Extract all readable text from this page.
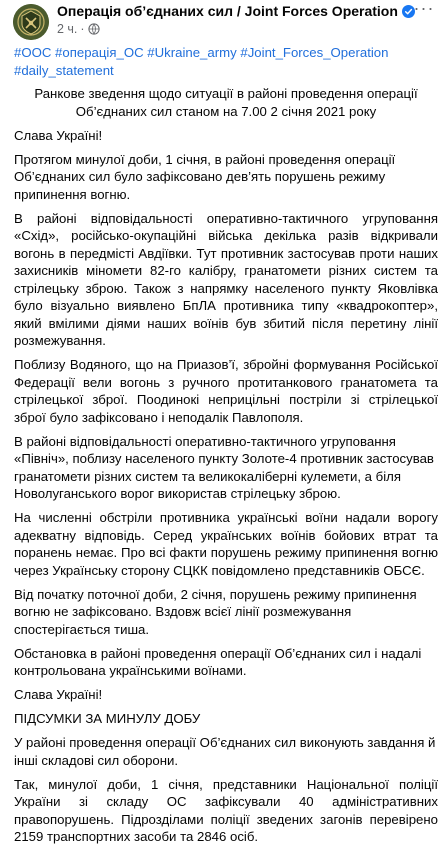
Операція об’єднаних сил / Joint Forces Operation
2 ч. ·
···

#ООС #операція_ОС #Ukraine_army #Joint_Forces_Operation #daily_statement

Ранкове зведення щодо ситуації в районі проведення операції Об’єднаних сил станом на 7.00 2 січня 2021 року

Слава Україні!

Протягом минулої доби, 1 січня, в районі проведення операції Об’єднаних сил було зафіксовано дев’ять порушень режиму припинення вогню.

В районі відповідальності оперативно-тактичного угруповання «Схід», російсько-окупаційні війська декілька разів відкривали вогонь в передмісті Авдіївки. Тут противник застосував проти наших захисників міномети 82-го калібру, гранатомети різних систем та стрілецьку зброю. Також з напрямку населеного пункту Яковлівка було візуально виявлено БпЛА противника типу «квадрокоптер», який вмілими діями наших воїнів був збитий після перетину лінії розмежування.

Поблизу Водяного, що на Приазов’ї, збройні формування Російської Федерації вели вогонь з ручного протитанкового гранатомета та стрілецької зброї. Поодинокі неприцільні постріли зі стрілецької зброї було зафіксовано і неподалік Павлополя.

В районі відповідальності оперативно-тактичного угруповання «Північ», поблизу населеного пункту Золоте-4 противник застосував гранатомети різних систем та великокаліберні кулемети, а біля Новолуганського ворог використав стрілецьку зброю.

На численні обстріли противника українські воїни надали ворогу адекватну відповідь. Серед українських воїнів бойових втрат та поранень немає. Про всі факти порушень режиму припинення вогню через Українську сторону СЦКК повідомлено представників ОБСЄ.

Від початку поточної доби, 2 січня, порушень режиму припинення вогню не зафіксовано. Вздовж всієї лінії розмежування спостерігається тиша.

Обстановка в районі проведення операції Об’єднаних сил і надалі контрольована українськими воїнами.

Слава Україні!

ПІДСУМКИ ЗА МИНУЛУ ДОБУ

У районі проведення операції Об’єднаних сил виконують завдання й інші складові сил оборони.

Так, минулої доби, 1 січня, представники Національної поліції України зі складу ОС зафіксували 40 адміністративних правопорушень. Підрозділами поліції зведених загонів перевірено 2159 транспортних засоби та 2846 осіб.
